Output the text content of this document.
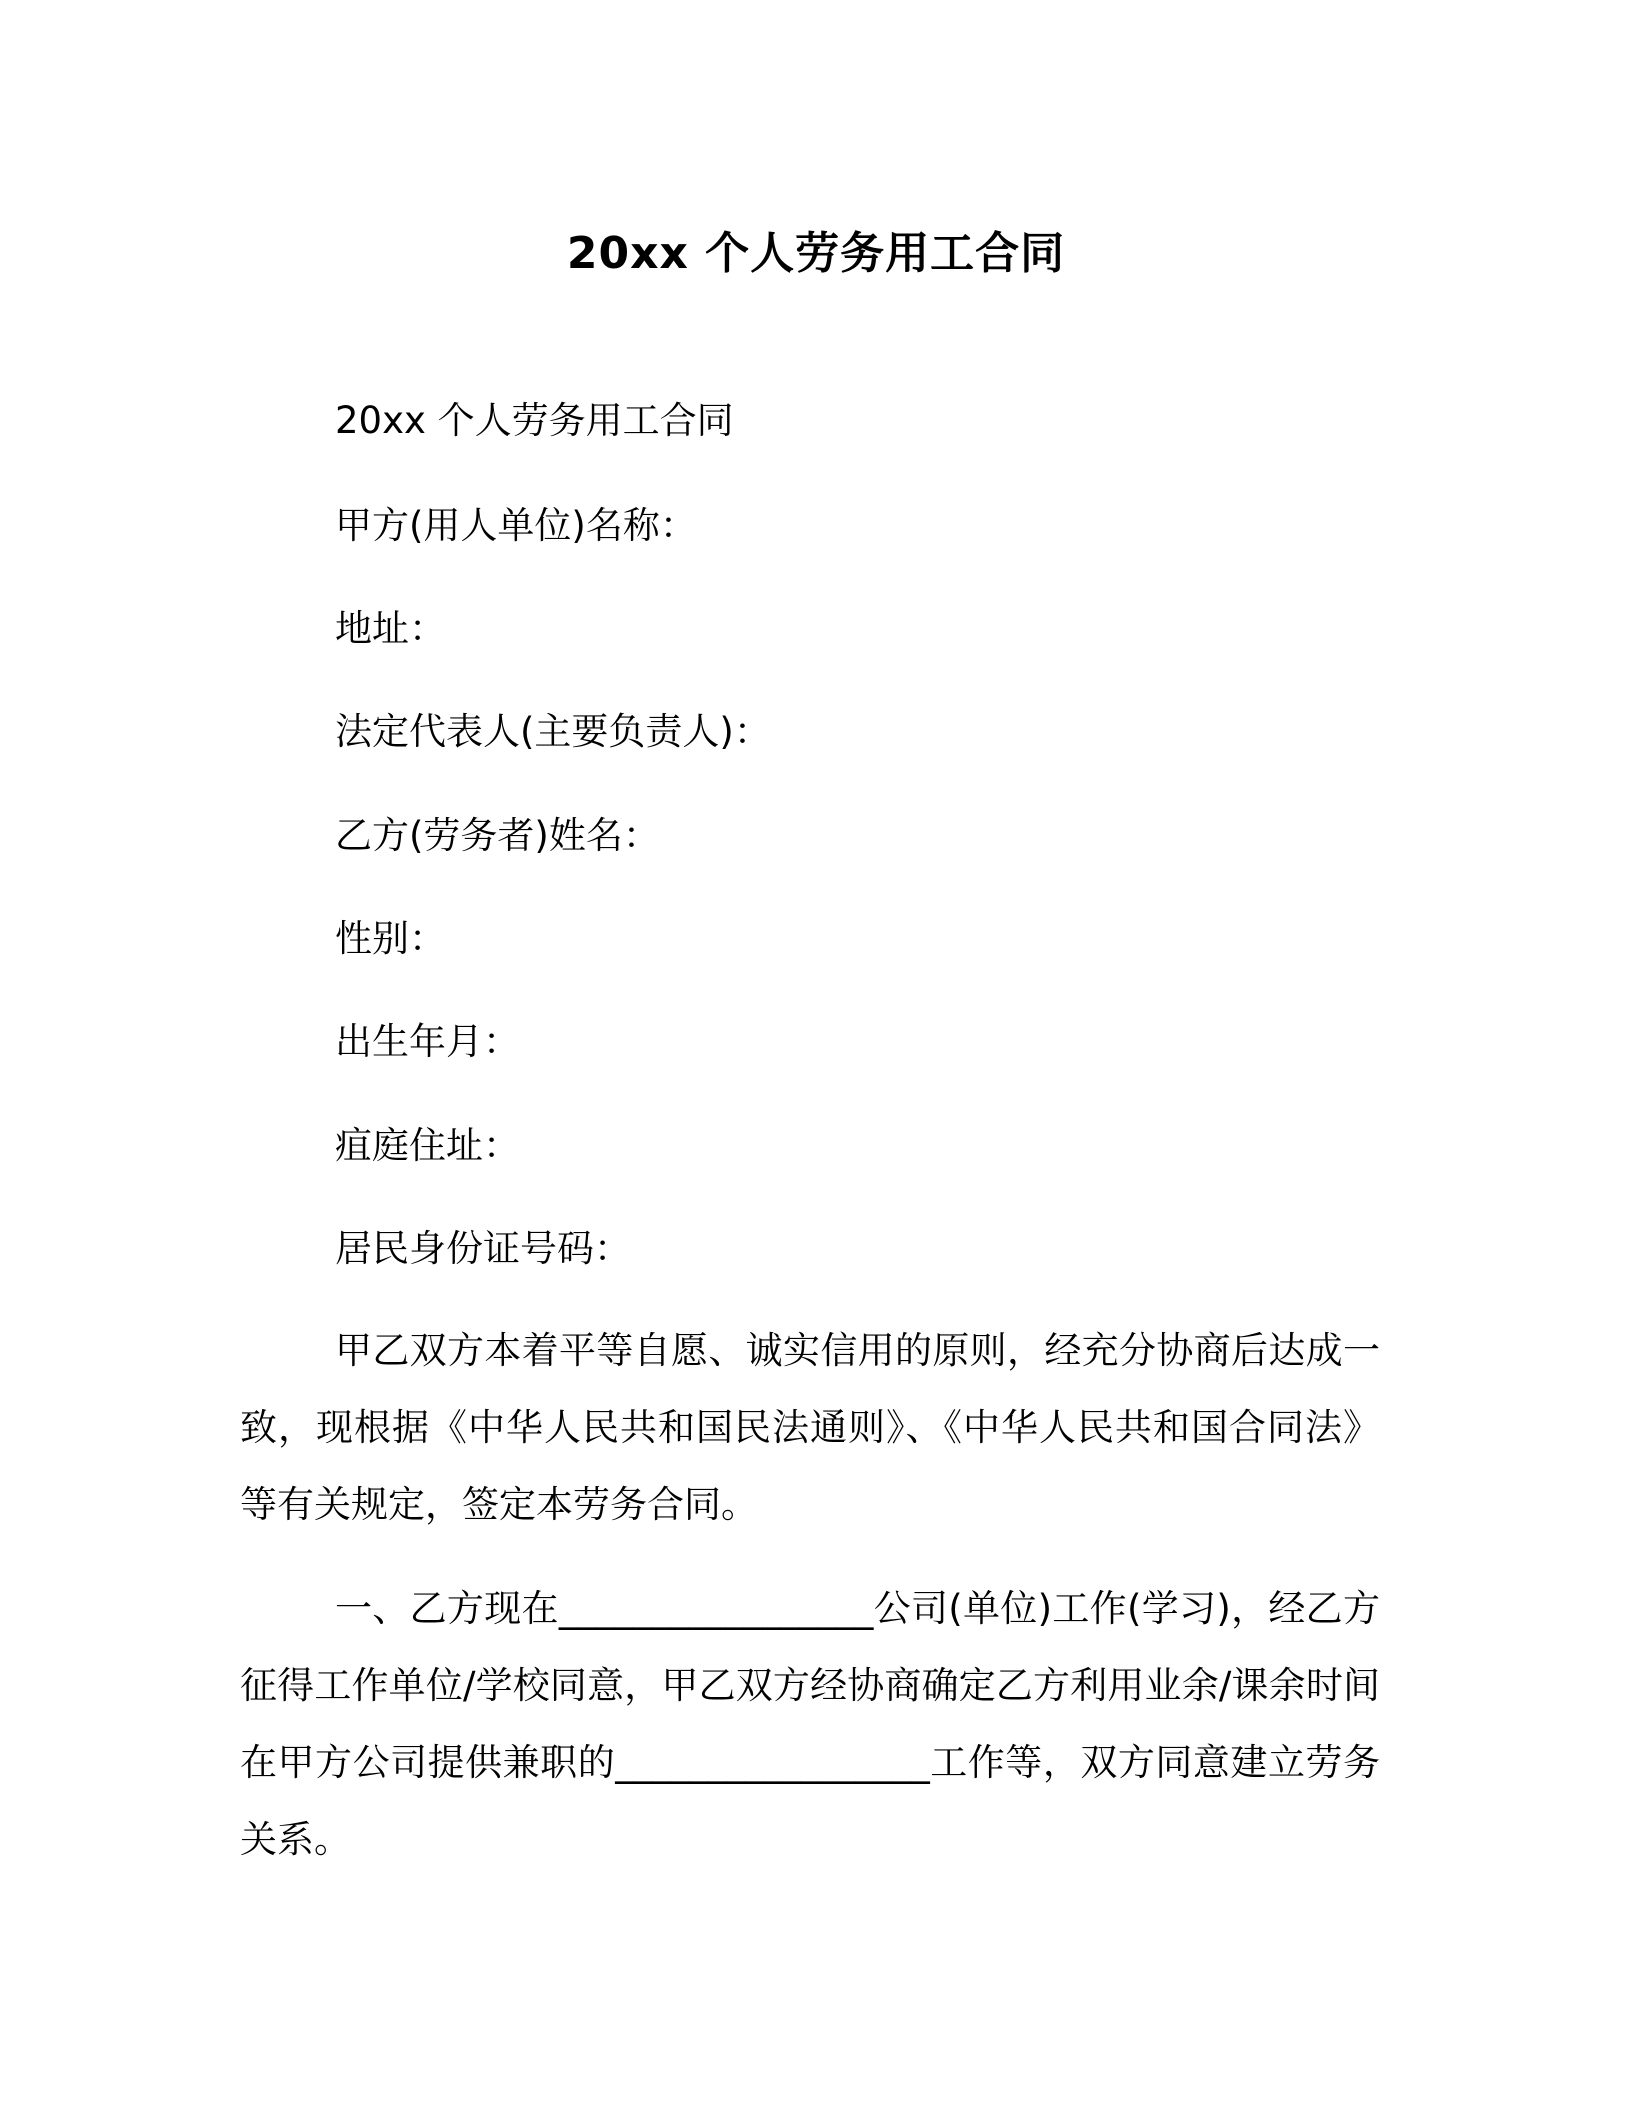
20xx 个人劳务用工合同
20xx 个人劳务用工合同
甲方(用人单位)名称：
地址：
法定代表人(主要负责人)：
乙方(劳务者)姓名：
性别：
出生年月：
疽庭住址：
居民身份证号码：
甲乙双方本着平等自愿、诚实信用的原则，经充分协商后达成一致，现根据《中华人民共和国民法通则》、《中华人民共和国合同法》等有关规定，签定本劳务合同。
一、乙方现在_________________公司(单位)工作(学习)，经乙方征得工作单位/学校同意，甲乙双方经协商确定乙方利用业余/课余时间在甲方公司提供兼职的_________________工作等，双方同意建立劳务关系。
